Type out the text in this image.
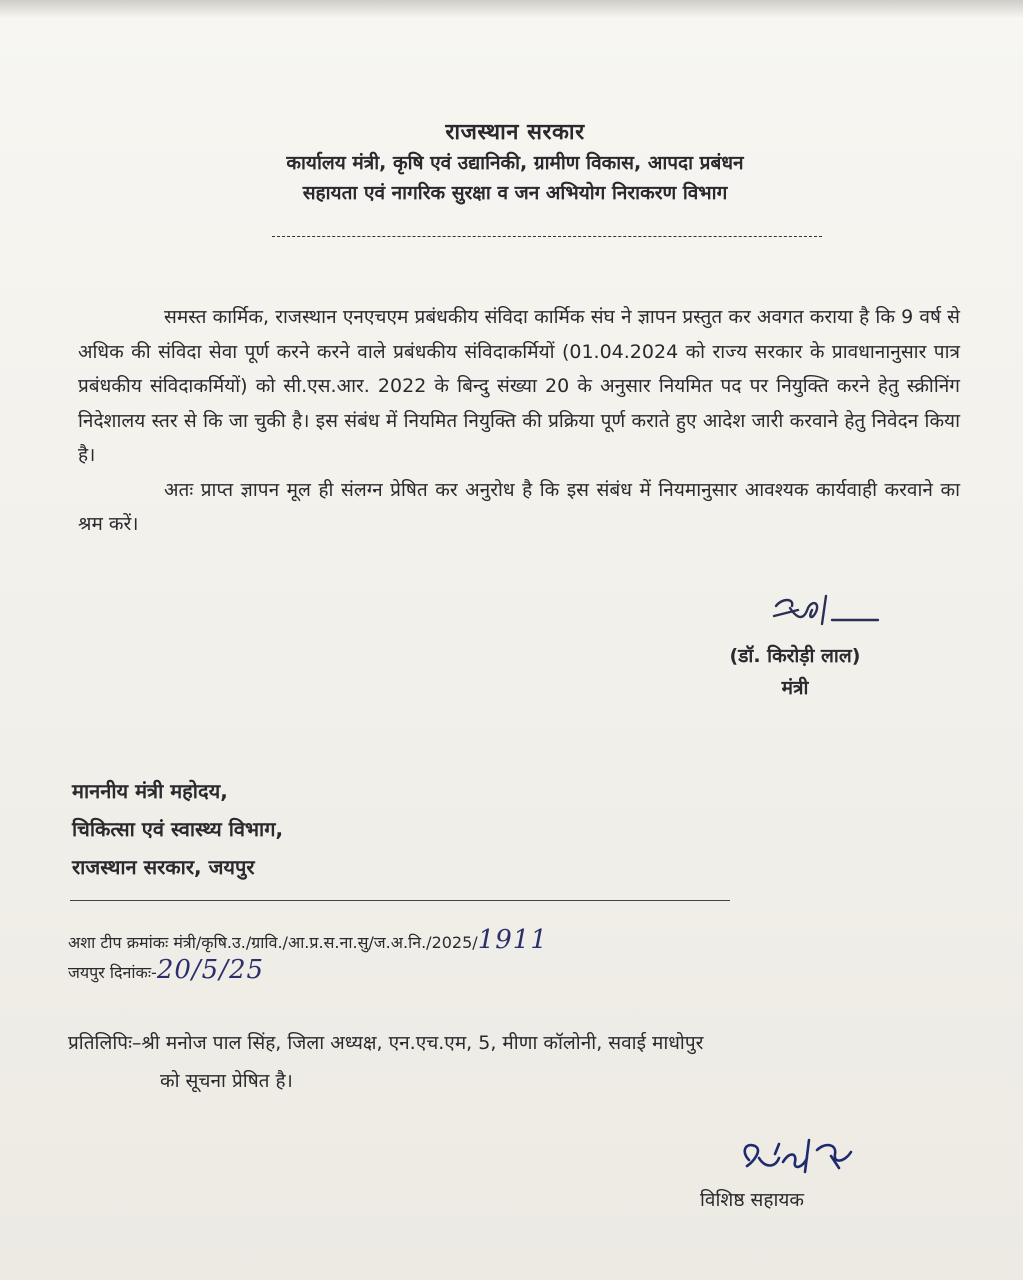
राजस्थान सरकार
कार्यालय मंत्री, कृषि एवं उद्यानिकी, ग्रामीण विकास, आपदा प्रबंधन
सहायता एवं नागरिक सुरक्षा व जन अभियोग निराकरण विभाग

समस्त कार्मिक, राजस्थान एनएचएम प्रबंधकीय संविदा कार्मिक संघ ने ज्ञापन प्रस्तुत कर अवगत कराया है कि 9 वर्ष से अधिक की संविदा सेवा पूर्ण करने करने वाले प्रबंधकीय संविदाकर्मियों (01.04.2024 को राज्य सरकार के प्रावधानानुसार पात्र प्रबंधकीय संविदाकर्मियों) को सी.एस.आर. 2022 के बिन्दु संख्या 20 के अनुसार नियमित पद पर नियुक्ति करने हेतु स्क्रीनिंग निदेशालय स्तर से कि जा चुकी है। इस संबंध में नियमित नियुक्ति की प्रक्रिया पूर्ण कराते हुए आदेश जारी करवाने हेतु निवेदन किया है।

अतः प्राप्त ज्ञापन मूल ही संलग्न प्रेषित कर अनुरोध है कि इस संबंध में नियमानुसार आवश्यक कार्यवाही करवाने का श्रम करें।

(डॉ. किरोड़ी लाल)
मंत्री
माननीय मंत्री महोदय,
चिकित्सा एवं स्वास्थ्य विभाग,
राजस्थान सरकार, जयपुर
अशा टीप क्रमांकः मंत्री/कृषि.उ./ग्रावि./आ.प्र.स.ना.सु/ज.अ.नि./2025/1911
जयपुर दिनांकः-20/5/25
प्रतिलिपिः–श्री मनोज पाल सिंह, जिला अध्यक्ष, एन.एच.एम, 5, मीणा कॉलोनी, सवाई माधोपुर
को सूचना प्रेषित है।
विशिष्ठ सहायक
